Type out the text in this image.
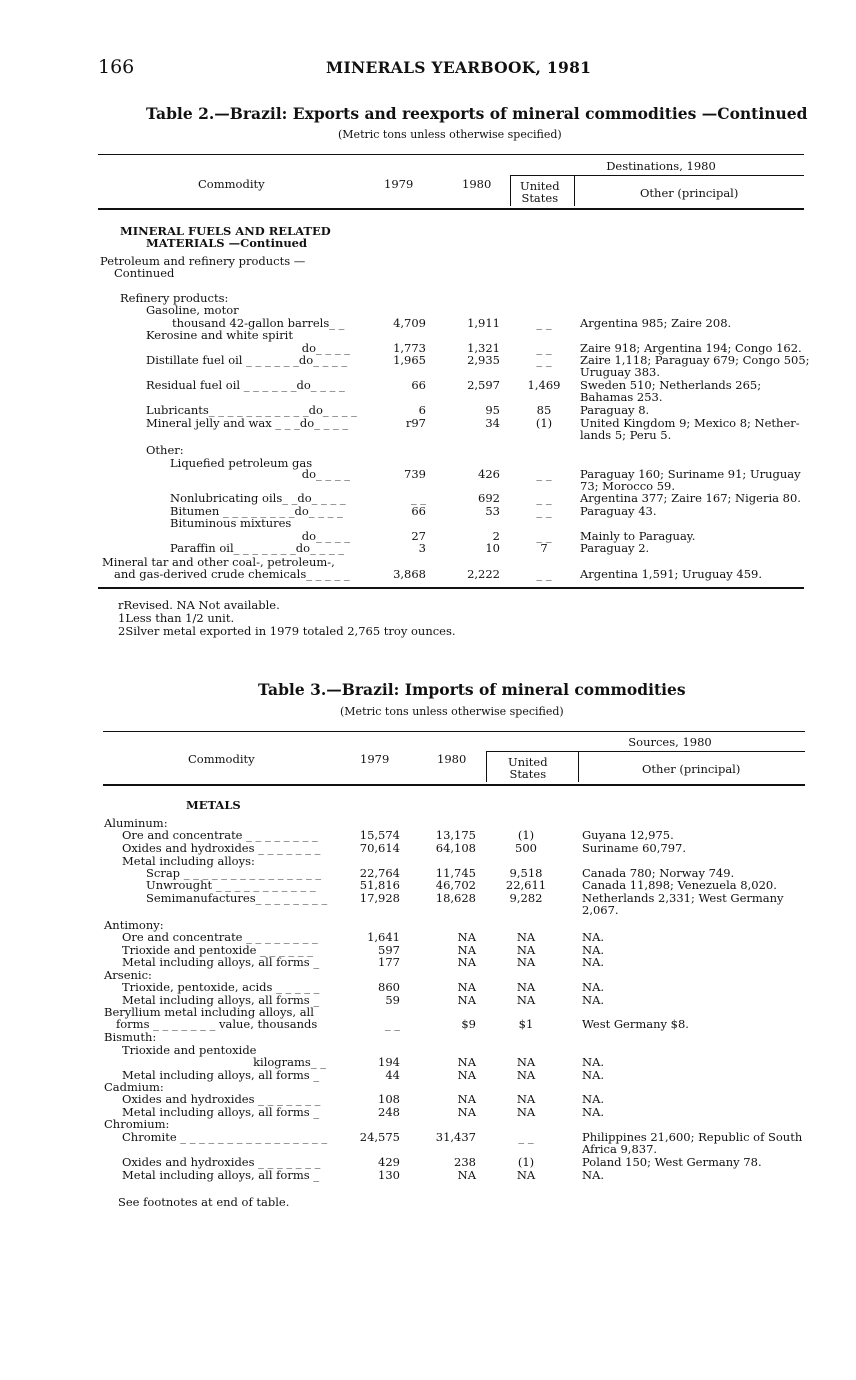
166	MINERALS YEARBOOK, 1981
Table 2.—Brazil: Exports and reexports of mineral commodities —Continued
(Metric tons unless otherwise specified)
Destinations, 1980
Commodity	1979	1980 United
States	Other (principal)
MINERAL FUELS AND RELATED
MATERIALS —Continued
Petroleum and refinery products —
Continued
Refinery products:
Gasoline, motor
thousand 42-gallon barrels_ _	4,709	1,911	_ _	Argentina 985; Zaire 208.
Kerosine and white spirit
do_ _ _ _	1,773	1,321	_ _	Zaire 918; Argentina 194; Congo 162.
Distillate fuel oil _ _ _ _ _ _do_ _ _ _	1,965	2,935	_ _	Zaire 1,118; Paraguay 679; Congo 505;
Uruguay 383.
Residual fuel oil _ _ _ _ _ _do_ _ _ _	66	2,597	1,469	Sweden 510; Netherlands 265;
Bahamas 253.
Lubricants_ _ _ _ _ _ _ _ _ _ _do_ _ _ _	6	95	85	Paraguay 8.
Mineral jelly and wax _ _ _do_ _ _ _	r97	34	(1)	United Kingdom 9; Mexico 8; Nether-
lands 5; Peru 5.
Other:
Liquefied petroleum gas
do_ _ _ _	739	426	_ _	Paraguay 160; Suriname 91; Uruguay
73; Morocco 59.
Nonlubricating oils_ _do_ _ _ _	_ _	692	_ _	Argentina 377; Zaire 167; Nigeria 80.
Bitumen _ _ _ _ _ _ _ _do_ _ _ _	66	53	_ _	Paraguay 43.
Bituminous mixtures
do_ _ _ _	27	2	_ _	Mainly to Paraguay.
Paraffin oil_ _ _ _ _ _ _do_ _ _ _	3	10	7	Paraguay 2.
Mineral tar and other coal-, petroleum-,
and gas-derived crude chemicals_ _ _ _ _	3,868	2,222	_ _	Argentina 1,591; Uruguay 459.
rRevised. NA Not available.
1Less than 1/2 unit.
2Silver metal exported in 1979 totaled 2,765 troy ounces.
Table 3.—Brazil: Imports of mineral commodities
(Metric tons unless otherwise specified)
Sources, 1980
Commodity	1979	1980	United
States	Other (principal)
METALS
Aluminum:
Ore and concentrate _ _ _ _ _ _ _ _	15,574	13,175	(1)	Guyana 12,975.
Oxides and hydroxides _ _ _ _ _ _ _	70,614	64,108	500	Suriname 60,797.
Metal including alloys:
Scrap _ _ _ _ _ _ _ _ _ _ _ _ _ _ _	22,764	11,745	9,518	Canada 780; Norway 749.
Unwrought _ _ _ _ _ _ _ _ _ _ _	51,816	46,702	22,611	Canada 11,898; Venezuela 8,020.
Semimanufactures_ _ _ _ _ _ _ _	17,928	18,628	9,282	Netherlands 2,331; West Germany
2,067.
Antimony:
Ore and concentrate _ _ _ _ _ _ _ _	1,641	NA	NA	NA.
Trioxide and pentoxide _ _ _ _ _ _	597	NA	NA	NA.
Metal including alloys, all forms _	177	NA	NA	NA.
Arsenic:
Trioxide, pentoxide, acids _ _ _ _ _	860	NA	NA	NA.
Metal including alloys, all forms _	59	NA	NA	NA.
Beryllium metal including alloys, all
forms _ _ _ _ _ _ _ value, thousands	_ _	$9	$1	West Germany $8.
Bismuth:
Trioxide and pentoxide
kilograms_ _	194	NA	NA	NA.
Metal including alloys, all forms _	44	NA	NA	NA.
Cadmium:
Oxides and hydroxides _ _ _ _ _ _ _	108	NA	NA	NA.
Metal including alloys, all forms _	248	NA	NA	NA.
Chromium:
Chromite _ _ _ _ _ _ _ _ _ _ _ _ _ _ _ _	24,575	31,437	_ _	Philippines 21,600; Republic of South
Africa 9,837.
Oxides and hydroxides _ _ _ _ _ _ _	429	238	(1)	Poland 150; West Germany 78.
Metal including alloys, all forms _	130	NA	NA	NA.
See footnotes at end of table.
